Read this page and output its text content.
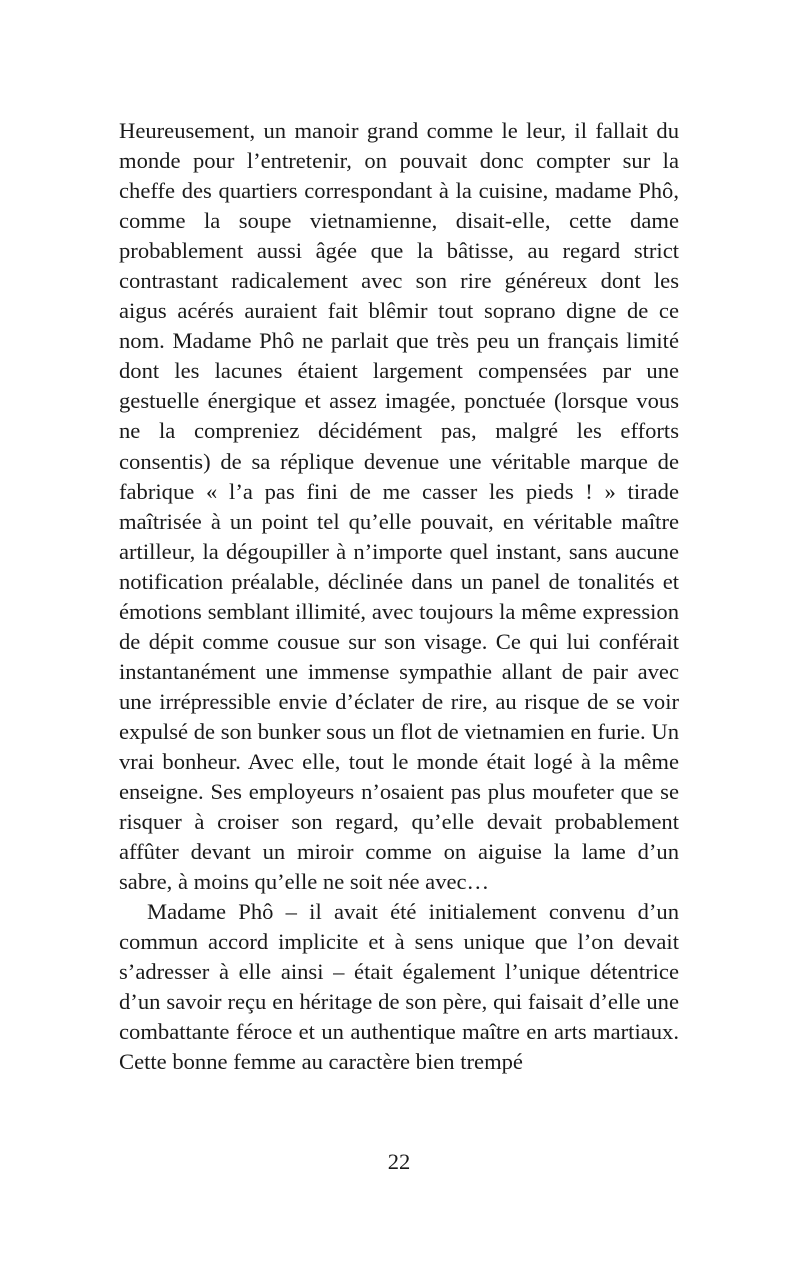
Heureusement, un manoir grand comme le leur, il fallait du monde pour l’entretenir, on pouvait donc compter sur la cheffe des quartiers correspondant à la cuisine, madame Phô, comme la soupe vietnamienne, disait-elle, cette dame probablement aussi âgée que la bâtisse, au regard strict contrastant radicalement avec son rire généreux dont les aigus acérés auraient fait blêmir tout soprano digne de ce nom. Madame Phô ne parlait que très peu un français limité dont les lacunes étaient largement compensées par une gestuelle énergique et assez imagée, ponctuée (lorsque vous ne la compreniez décidément pas, malgré les efforts consentis) de sa réplique devenue une véritable marque de fabrique « l’a pas fini de me casser les pieds ! » tirade maîtrisée à un point tel qu’elle pouvait, en véritable maître artilleur, la dégoupiller à n’importe quel instant, sans aucune notification préalable, déclinée dans un panel de tonalités et émotions semblant illimité, avec toujours la même expression de dépit comme cousue sur son visage. Ce qui lui conférait instantanément une immense sympathie allant de pair avec une irrépressible envie d’éclater de rire, au risque de se voir expulsé de son bunker sous un flot de vietnamien en furie. Un vrai bonheur. Avec elle, tout le monde était logé à la même enseigne. Ses employeurs n’osaient pas plus moufeter que se risquer à croiser son regard, qu’elle devait probablement affûter devant un miroir comme on aiguise la lame d’un sabre, à moins qu’elle ne soit née avec…

Madame Phô – il avait été initialement convenu d’un commun accord implicite et à sens unique que l’on devait s’adresser à elle ainsi – était également l’unique détentrice d’un savoir reçu en héritage de son père, qui faisait d’elle une combattante féroce et un authentique maître en arts martiaux. Cette bonne femme au caractère bien trempé

22
